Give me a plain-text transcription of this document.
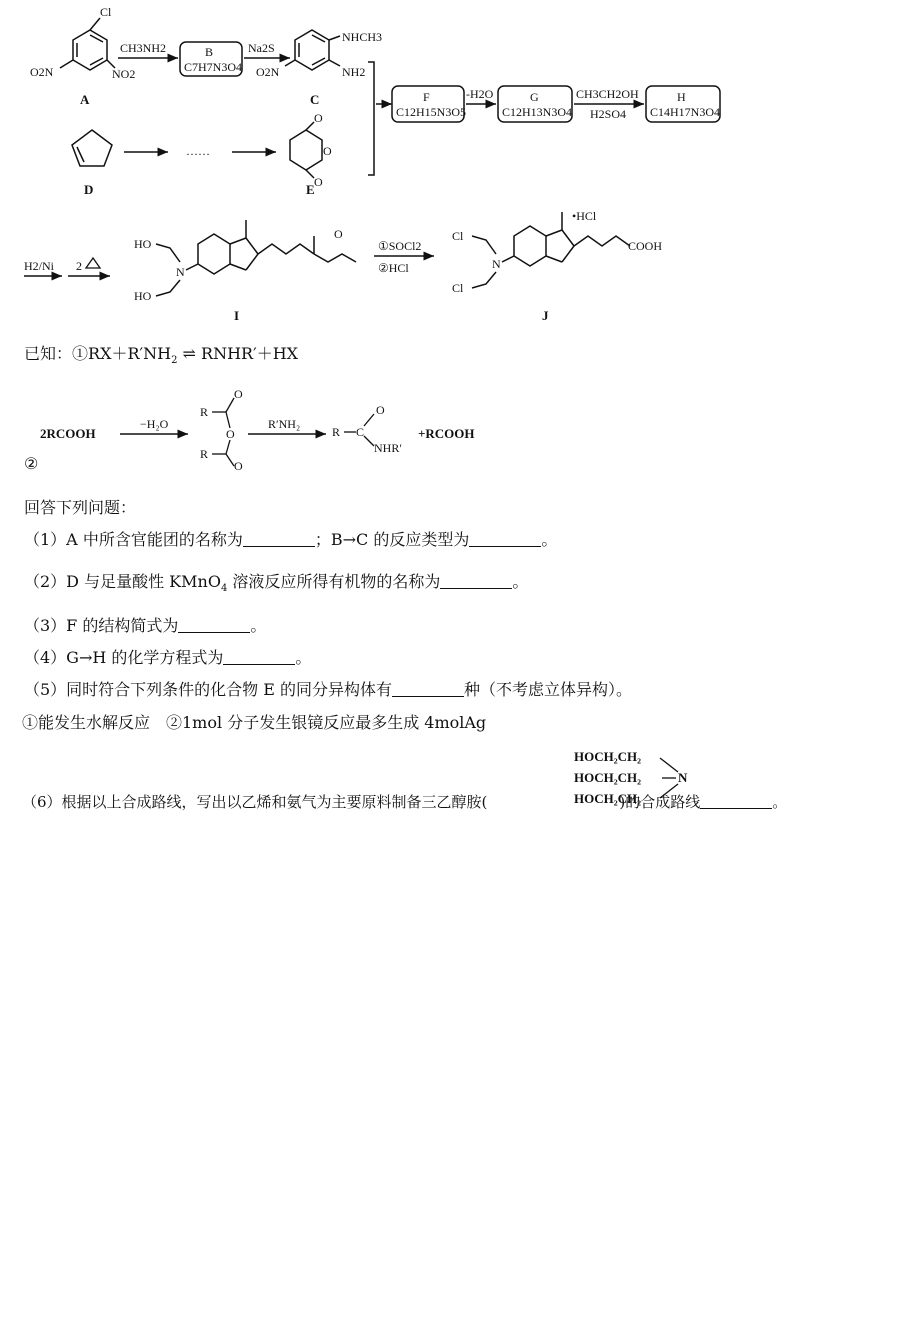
Cl
O2N	NO2
A
CH3NH2	B
C7H7N3O4
Na2S
NHCH3
NH2
O2N
C	F
C12H15N3O5
-H2O	G
C12H13N3O4
CH3CH2OH
H2SO4
H
C14H17N3O4
D
……
O
O
O
E
H2/Ni 2	N
HO
HO
O
I
①SOCl2
②HCl	N
Cl
Cl
COOH
•HCl
J
2RCOOH
−H₂O
R
O
O
R
O
R′NH₂
R C
O
NHR′
+RCOOH
已知：$①RX+R'NH_2$ ⇌ RNHR′＋HX
②
回答下列问题：
（1）A 中所含官能团的名称为	；B→C 的反应类型为	。
（2）D 与足量酸性 KMnO$_4$ 溶液反应所得有机物的名称为	。
（3）F 的结构简式为	。
（4）G→H 的化学方程式为	。
（5）同时符合下列条件的化合物 E 的同分异构体有	种（不考虑立体异构）。
①能发生水解反应　②1mol 分子发生银镜反应最多生成 4molAg
HOCH₂CH₂
HOCH₂CH₂
HOCH₂CH₂
N
（6）根据以上合成路线，写出以乙烯和氨气为主要原料制备三乙醇胺(	)的合成路线	。
